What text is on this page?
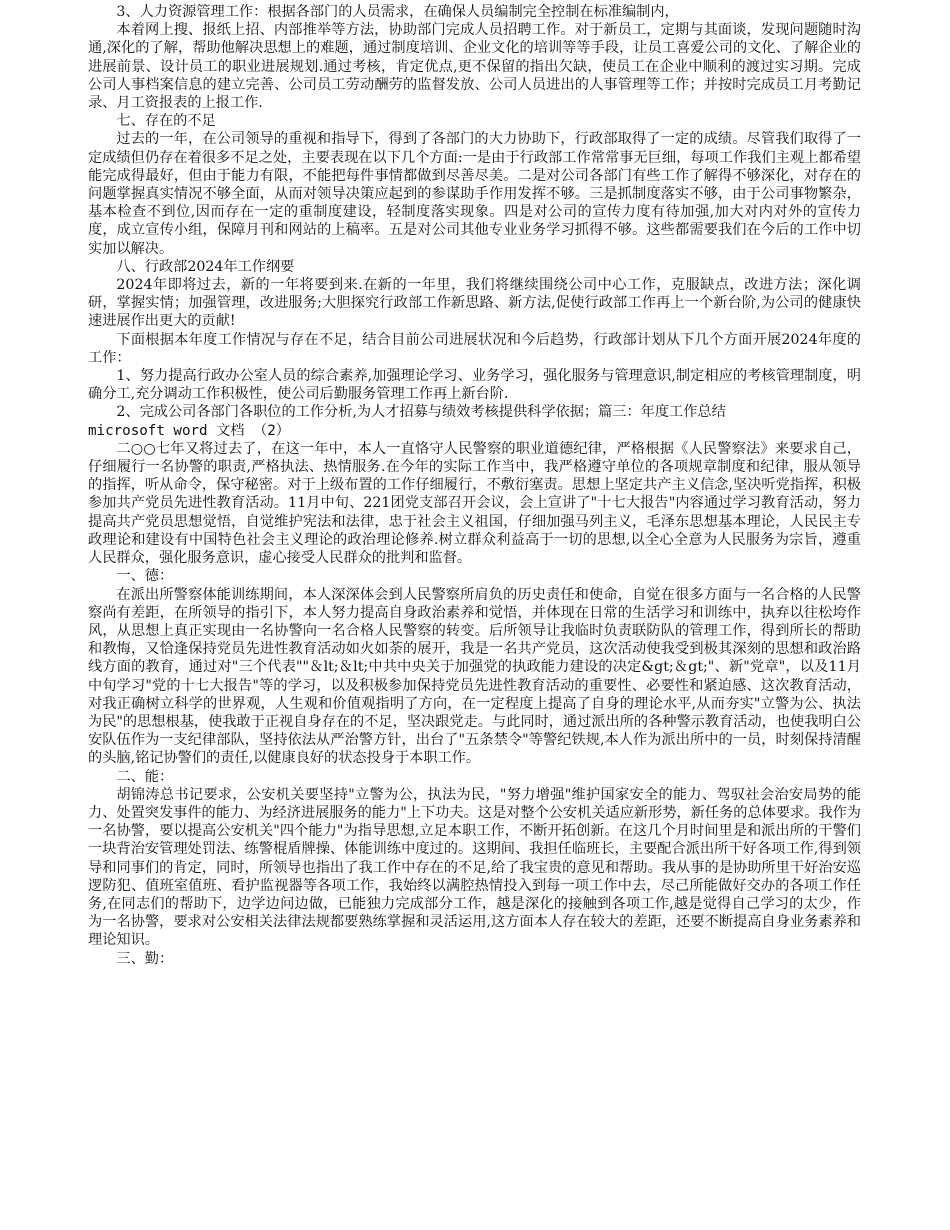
3、人力资源管理工作：根据各部门的人员需求，在确保人员编制完全控制在标准编制内，

本着网上搜、报纸上招、内部推举等方法，协助部门完成人员招聘工作。对于新员工，定期与其面谈，发现问题随时沟通,深化的了解，帮助他解决思想上的难题，通过制度培训、企业文化的培训等等手段，让员工喜爱公司的文化、了解企业的进展前景、设计员工的职业进展规划.通过考核，肯定优点,更不保留的指出欠缺，使员工在企业中顺利的渡过实习期。完成公司人事档案信息的建立完善、公司员工劳动酬劳的监督发放、公司人员进出的人事管理等工作；并按时完成员工月考勤记录、月工资报表的上报工作．

七、存在的不足

过去的一年，在公司领导的重视和指导下，得到了各部门的大力协助下，行政部取得了一定的成绩。尽管我们取得了一定成绩但仍存在着很多不足之处，主要表现在以下几个方面:一是由于行政部工作常常事无巨细，每项工作我们主观上都希望能完成得最好，但由于能力有限，不能把每件事情都做到尽善尽美。二是对公司各部门有些工作了解得不够深化，对存在的问题掌握真实情况不够全面，从而对领导决策应起到的参谋助手作用发挥不够。三是抓制度落实不够，由于公司事物繁杂，基本检查不到位,因而存在一定的重制度建设，轻制度落实现象。四是对公司的宣传力度有待加强,加大对内对外的宣传力度，成立宣传小组，保障月刊和网站的上稿率。五是对公司其他专业业务学习抓得不够。这些都需要我们在今后的工作中切实加以解决。

八、行政部2024年工作纲要

2024年即将过去，新的一年将要到来.在新的一年里，我们将继续围绕公司中心工作，克服缺点，改进方法；深化调研，掌握实情；加强管理，改进服务;大胆探究行政部工作新思路、新方法,促使行政部工作再上一个新台阶,为公司的健康快速进展作出更大的贡献!

下面根据本年度工作情况与存在不足，结合目前公司进展状况和今后趋势，行政部计划从下几个方面开展2024年度的工作：

1、努力提高行政办公室人员的综合素养,加强理论学习、业务学习，强化服务与管理意识,制定相应的考核管理制度，明确分工,充分调动工作积极性，使公司后勤服务管理工作再上新台阶．

2、完成公司各部门各职位的工作分析,为人才招募与绩效考核提供科学依据；篇三：年度工作总结

microsoft word 文档 （2）

二○○七年又将过去了，在这一年中，本人一直恪守人民警察的职业道德纪律，严格根据《人民警察法》来要求自己，仔细履行一名协警的职责,严格执法、热情服务.在今年的实际工作当中，我严格遵守单位的各项规章制度和纪律，服从领导的指挥，听从命令，保守秘密。对于上级布置的工作仔细履行，不敷衍塞责。思想上坚定共产主义信念,坚决听党指挥，积极参加共产党员先进性教育活动。11月中旬、221团党支部召开会议，会上宣讲了"十七大报告"内容通过学习教育活动，努力提高共产党员思想觉悟，自觉维护宪法和法律，忠于社会主义祖国，仔细加强马列主义，毛泽东思想基本理论，人民民主专政理论和建设有中国特色社会主义理论的政治理论修养.树立群众利益高于一切的思想,以全心全意为人民服务为宗旨，遵重人民群众，强化服务意识，虚心接受人民群众的批判和监督。

一、德：

在派出所警察体能训练期间，本人深深体会到人民警察所肩负的历史责任和使命，自觉在很多方面与一名合格的人民警察尚有差距，在所领导的指引下，本人努力提高自身政治素养和觉悟，并体现在日常的生活学习和训练中，执弃以往松垮作风，从思想上真正实现由一名协警向一名合格人民警察的转变。后所领导让我临时负责联防队的管理工作，得到所长的帮助和教悔，又恰逢保持党员先进性教育活动如火如荼的展开，我是一名共产党员，这次活动使我受到极其深刻的思想和政治路线方面的教育，通过对"三个代表""＆lt;＆lt;中共中央关于加强党的执政能力建设的决定&gt;＆gt;"、新"党章"，以及11月中旬学习"党的十七大报告"等的学习，以及积极参加保持党员先进性教育活动的重要性、必要性和紧迫感、这次教育活动，对我正确树立科学的世界观，人生观和价值观指明了方向，在一定程度上提高了自身的理论水平,从而夯实"立警为公、执法为民"的思想根基，使我敢于正视自身存在的不足，坚决跟党走。与此同时，通过派出所的各种警示教育活动，也使我明白公安队伍作为一支纪律部队，坚持依法从严治警方针，出台了"五条禁令"等警纪铁规,本人作为派出所中的一员，时刻保持清醒的头脑,铭记协警们的责任,以健康良好的状态投身于本职工作。

二、能：

胡锦涛总书记要求，公安机关要坚持"立警为公，执法为民，"努力增强"维护国家安全的能力、驾驭社会治安局势的能力、处置突发事件的能力、为经济进展服务的能力"上下功夫。这是对整个公安机关适应新形势，新任务的总体要求。我作为一名协警，要以提高公安机关"四个能力"为指导思想,立足本职工作，不断开拓创新。在这几个月时间里是和派出所的干警们一块背治安管理处罚法、练警棍盾牌操、体能训练中度过的。这期间、我担任临班长，主要配合派出所干好各项工作,得到领导和同事们的肯定，同时，所领导也指出了我工作中存在的不足,给了我宝贵的意见和帮助。我从事的是协助所里干好治安巡逻防犯、值班室值班、看护监视器等各项工作，我始终以满腔热情投入到每一项工作中去，尽己所能做好交办的各项工作任务,在同志们的帮助下，边学边问边做，已能独力完成部分工作，越是深化的接触到各项工作,越是觉得自己学习的太少，作为一名协警，要求对公安相关法律法规都要熟练掌握和灵活运用,这方面本人存在较大的差距，还要不断提高自身业务素养和理论知识。

三、勤：
